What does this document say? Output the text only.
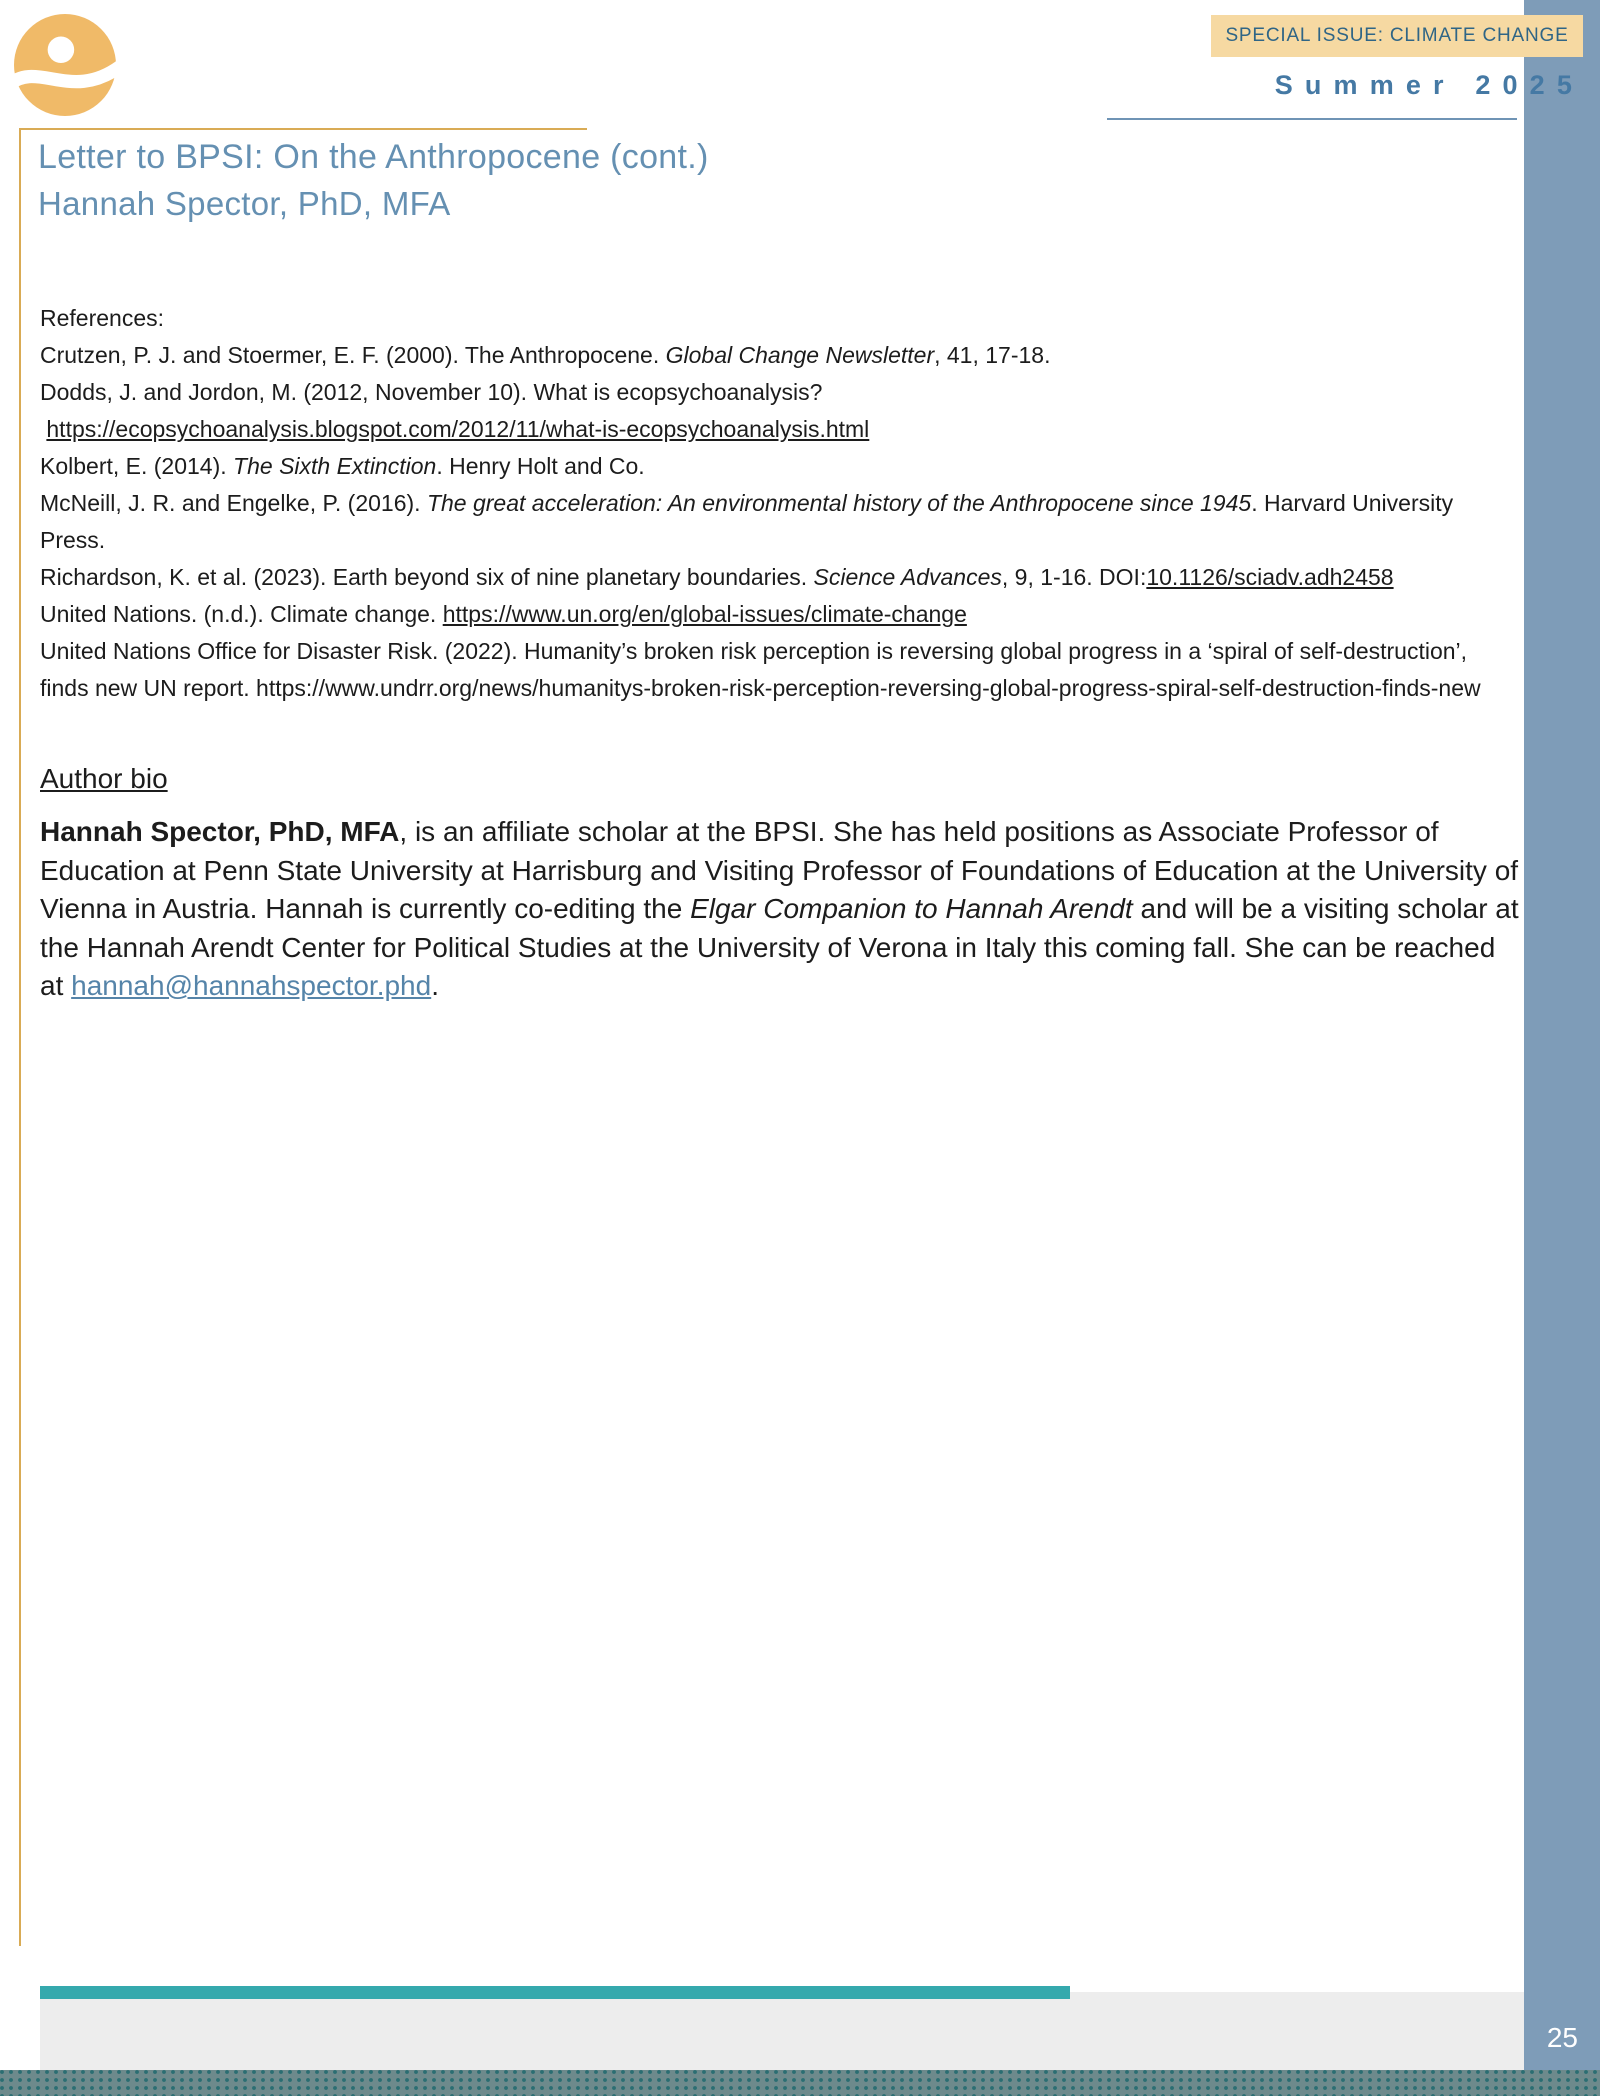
25
SPECIAL ISSUE: CLIMATE CHANGE
Summer 2025
Letter to BPSI: On the Anthropocene (cont.)
Hannah Spector, PhD, MFA

References:

Crutzen, P. J. and Stoermer, E. F. (2000). The Anthropocene. Global Change Newsletter, 41, 17-18.

Dodds, J. and Jordon, M. (2012, November 10). What is ecopsychoanalysis?

https://ecopsychoanalysis.blogspot.com/2012/11/what-is-ecopsychoanalysis.html

Kolbert, E. (2014). The Sixth Extinction. Henry Holt and Co.

McNeill, J. R. and Engelke, P. (2016). The great acceleration: An environmental history of the Anthropocene since 1945. Harvard University Press.

Richardson, K. et al. (2023). Earth beyond six of nine planetary boundaries. Science Advances, 9, 1-16. DOI:10.1126/sciadv.adh2458

United Nations. (n.d.). Climate change. https://www.un.org/en/global-issues/climate-change

United Nations Office for Disaster Risk. (2022). Humanity’s broken risk perception is reversing global progress in a ‘spiral of self-destruction’, finds new UN report. https://www.undrr.org/news/humanitys-broken-risk-perception-reversing-global-progress-spiral-self-destruction-finds-new

Author bio

Hannah Spector, PhD, MFA, is an affiliate scholar at the BPSI. She has held positions as Associate Professor of Education at Penn State University at Harrisburg and Visiting Professor of Foundations of Education at the University of Vienna in Austria. Hannah is currently co-editing the Elgar Companion to Hannah Arendt and will be a visiting scholar at the Hannah Arendt Center for Political Studies at the University of Verona in Italy this coming fall. She can be reached at hannah@hannahspector.phd.
